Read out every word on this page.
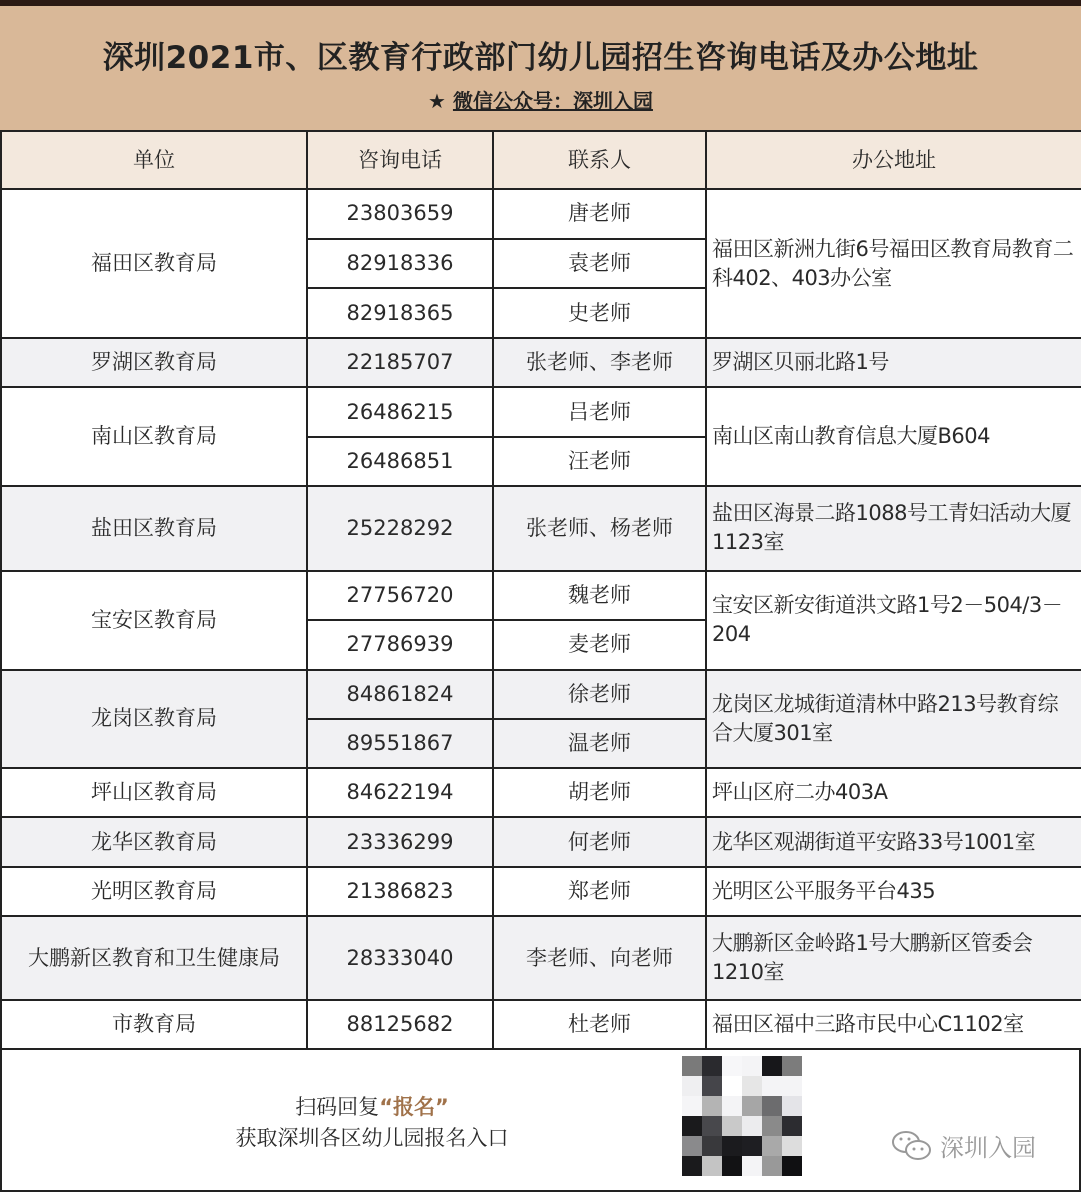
深圳2021市、区教育行政部门幼儿园招生咨询电话及办公地址
★ 微信公众号：深圳入园
单位	咨询电话	联系人	办公地址
福田区教育局	23803659	唐老师	福田区新洲九街6号福田区教育局教育二科402、403办公室
	82918336	袁老师	
	82918365	史老师	
罗湖区教育局	22185707	张老师、李老师	罗湖区贝丽北路1号
南山区教育局	26486215	吕老师	南山区南山教育信息大厦B604
	26486851	汪老师	
盐田区教育局	25228292	张老师、杨老师	盐田区海景二路1088号工青妇活动大厦1123室
宝安区教育局	27756720	魏老师	宝安区新安街道洪文路1号2－504/3－204
	27786939	麦老师	
龙岗区教育局	84861824	徐老师	龙岗区龙城街道清林中路213号教育综合大厦301室
	89551867	温老师	
坪山区教育局	84622194	胡老师	坪山区府二办403A
龙华区教育局	23336299	何老师	龙华区观湖街道平安路33号1001室
光明区教育局	21386823	郑老师	光明区公平服务平台435
大鹏新区教育和卫生健康局	28333040	李老师、向老师	大鹏新区金岭路1号大鹏新区管委会1210室
市教育局	88125682	杜老师	福田区福中三路市民中心C1102室
扫码回复“报名”
获取深圳各区幼儿园报名入口	深圳入园
